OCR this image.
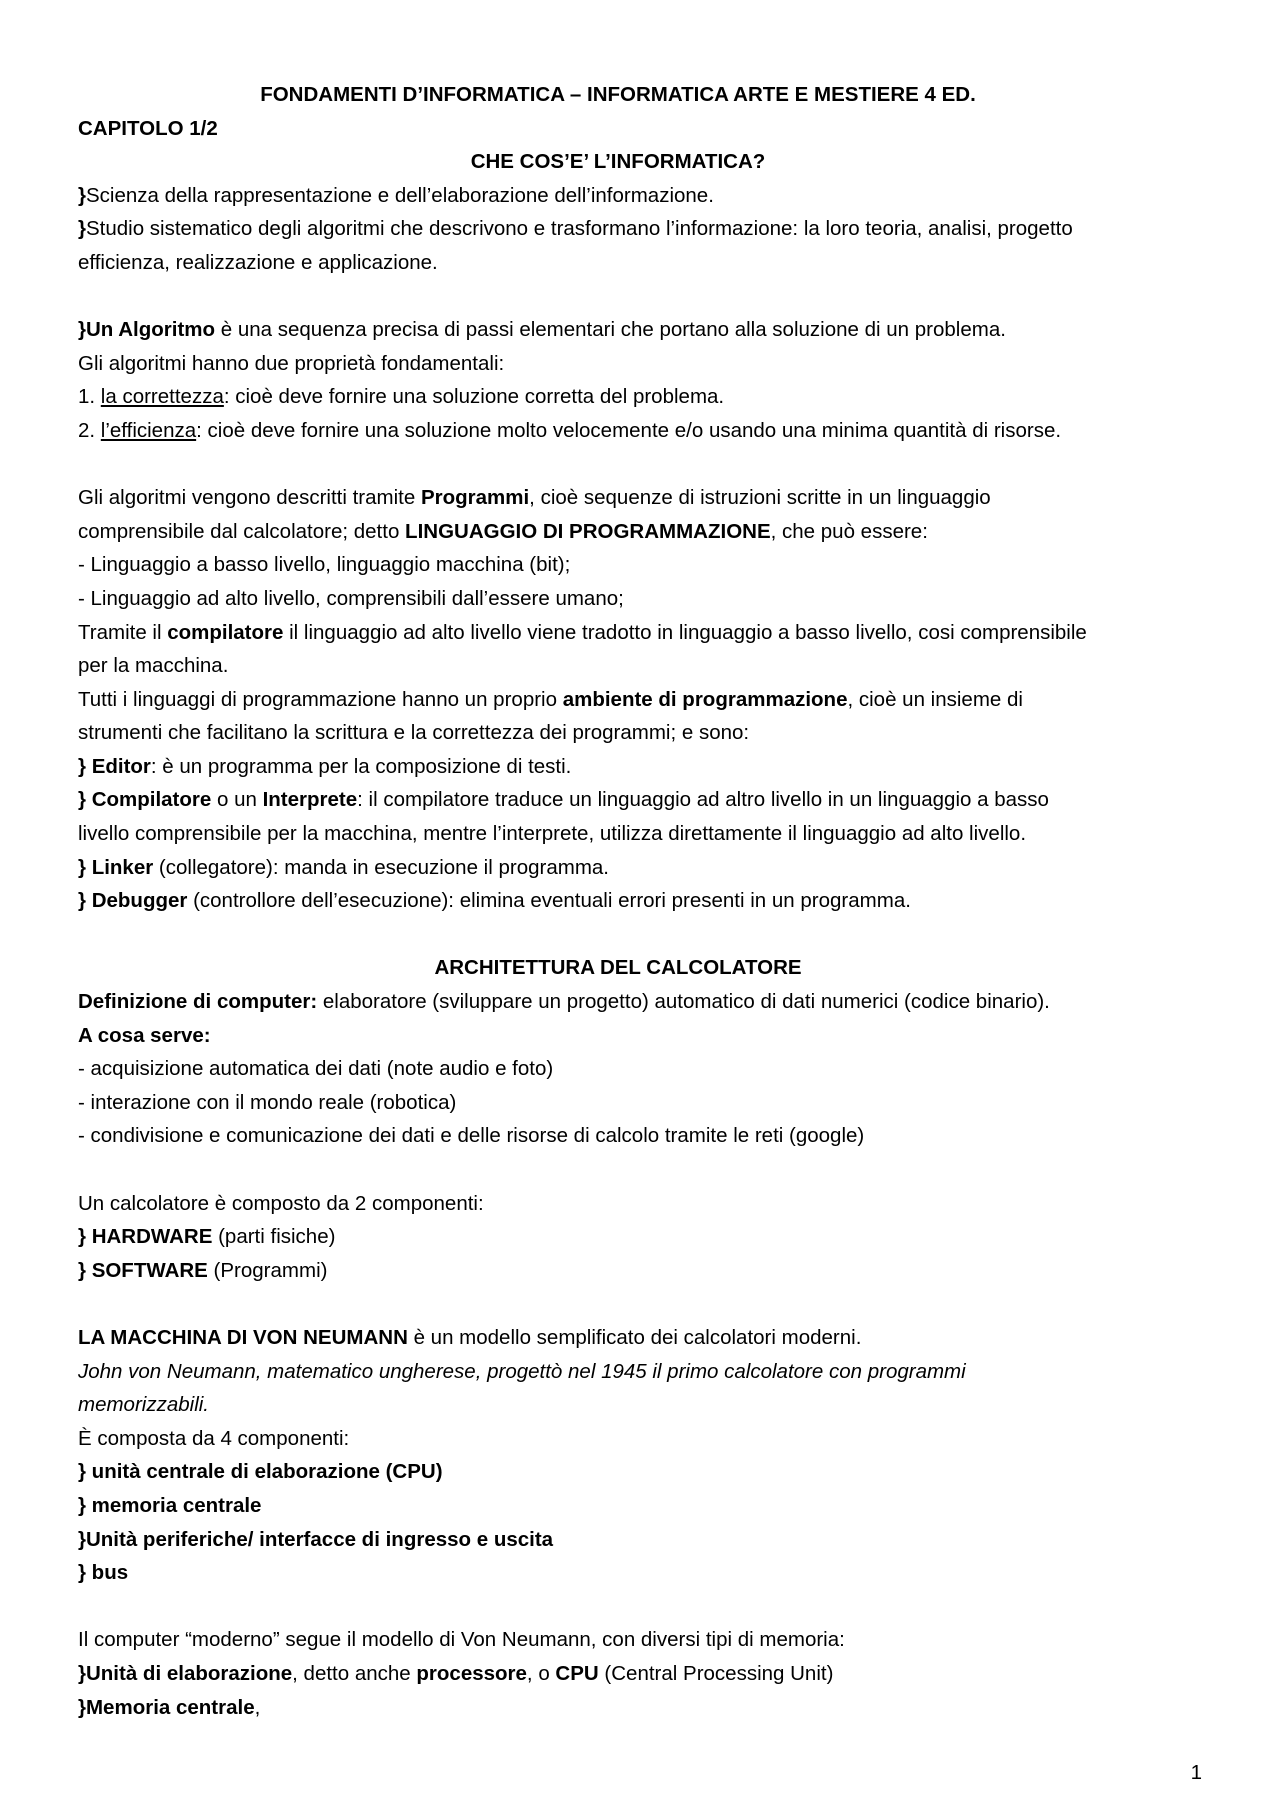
FONDAMENTI D’INFORMATICA – INFORMATICA ARTE E MESTIERE 4 ED.
CAPITOLO 1/2
CHE COS’E’ L’INFORMATICA?
}Scienza della rappresentazione e dell’elaborazione dell’informazione.
}Studio sistematico degli algoritmi che descrivono e trasformano l’informazione: la loro teoria, analisi, progetto
efficienza, realizzazione e applicazione.
}Un Algoritmo è una sequenza precisa di passi elementari che portano alla soluzione di un problema.
Gli algoritmi hanno due proprietà fondamentali:
1. la correttezza: cioè deve fornire una soluzione corretta del problema.
2. l’efficienza: cioè deve fornire una soluzione molto velocemente e/o usando una minima quantità di risorse.
Gli algoritmi vengono descritti tramite Programmi, cioè sequenze di istruzioni scritte in un linguaggio
comprensibile dal calcolatore; detto LINGUAGGIO DI PROGRAMMAZIONE, che può essere:
- Linguaggio a basso livello, linguaggio macchina (bit);
- Linguaggio ad alto livello, comprensibili dall’essere umano;
Tramite il compilatore il linguaggio ad alto livello viene tradotto in linguaggio a basso livello, cosi comprensibile
per la macchina.
Tutti i linguaggi di programmazione hanno un proprio ambiente di programmazione, cioè un insieme di
strumenti che facilitano la scrittura e la correttezza dei programmi; e sono:
} Editor: è un programma per la composizione di testi.
} Compilatore o un Interprete: il compilatore traduce un linguaggio ad altro livello in un linguaggio a basso
livello comprensibile per la macchina, mentre l’interprete, utilizza direttamente il linguaggio ad alto livello.
} Linker (collegatore): manda in esecuzione il programma.
} Debugger (controllore dell’esecuzione): elimina eventuali errori presenti in un programma.
ARCHITETTURA DEL CALCOLATORE
Definizione di computer: elaboratore (sviluppare un progetto) automatico di dati numerici (codice binario).
A cosa serve:
- acquisizione automatica dei dati (note audio e foto)
- interazione con il mondo reale (robotica)
- condivisione e comunicazione dei dati e delle risorse di calcolo tramite le reti (google)
Un calcolatore è composto da 2 componenti:
} HARDWARE (parti fisiche)
} SOFTWARE (Programmi)
LA MACCHINA DI VON NEUMANN è un modello semplificato dei calcolatori moderni.
John von Neumann, matematico ungherese, progettò nel 1945 il primo calcolatore con programmi
memorizzabili.
È composta da 4 componenti:
} unità centrale di elaborazione (CPU)
} memoria centrale
}Unità periferiche/ interfacce di ingresso e uscita
} bus
Il computer “moderno” segue il modello di Von Neumann, con diversi tipi di memoria:
}Unità di elaborazione, detto anche processore, o CPU (Central Processing Unit)
}Memoria centrale,
1
